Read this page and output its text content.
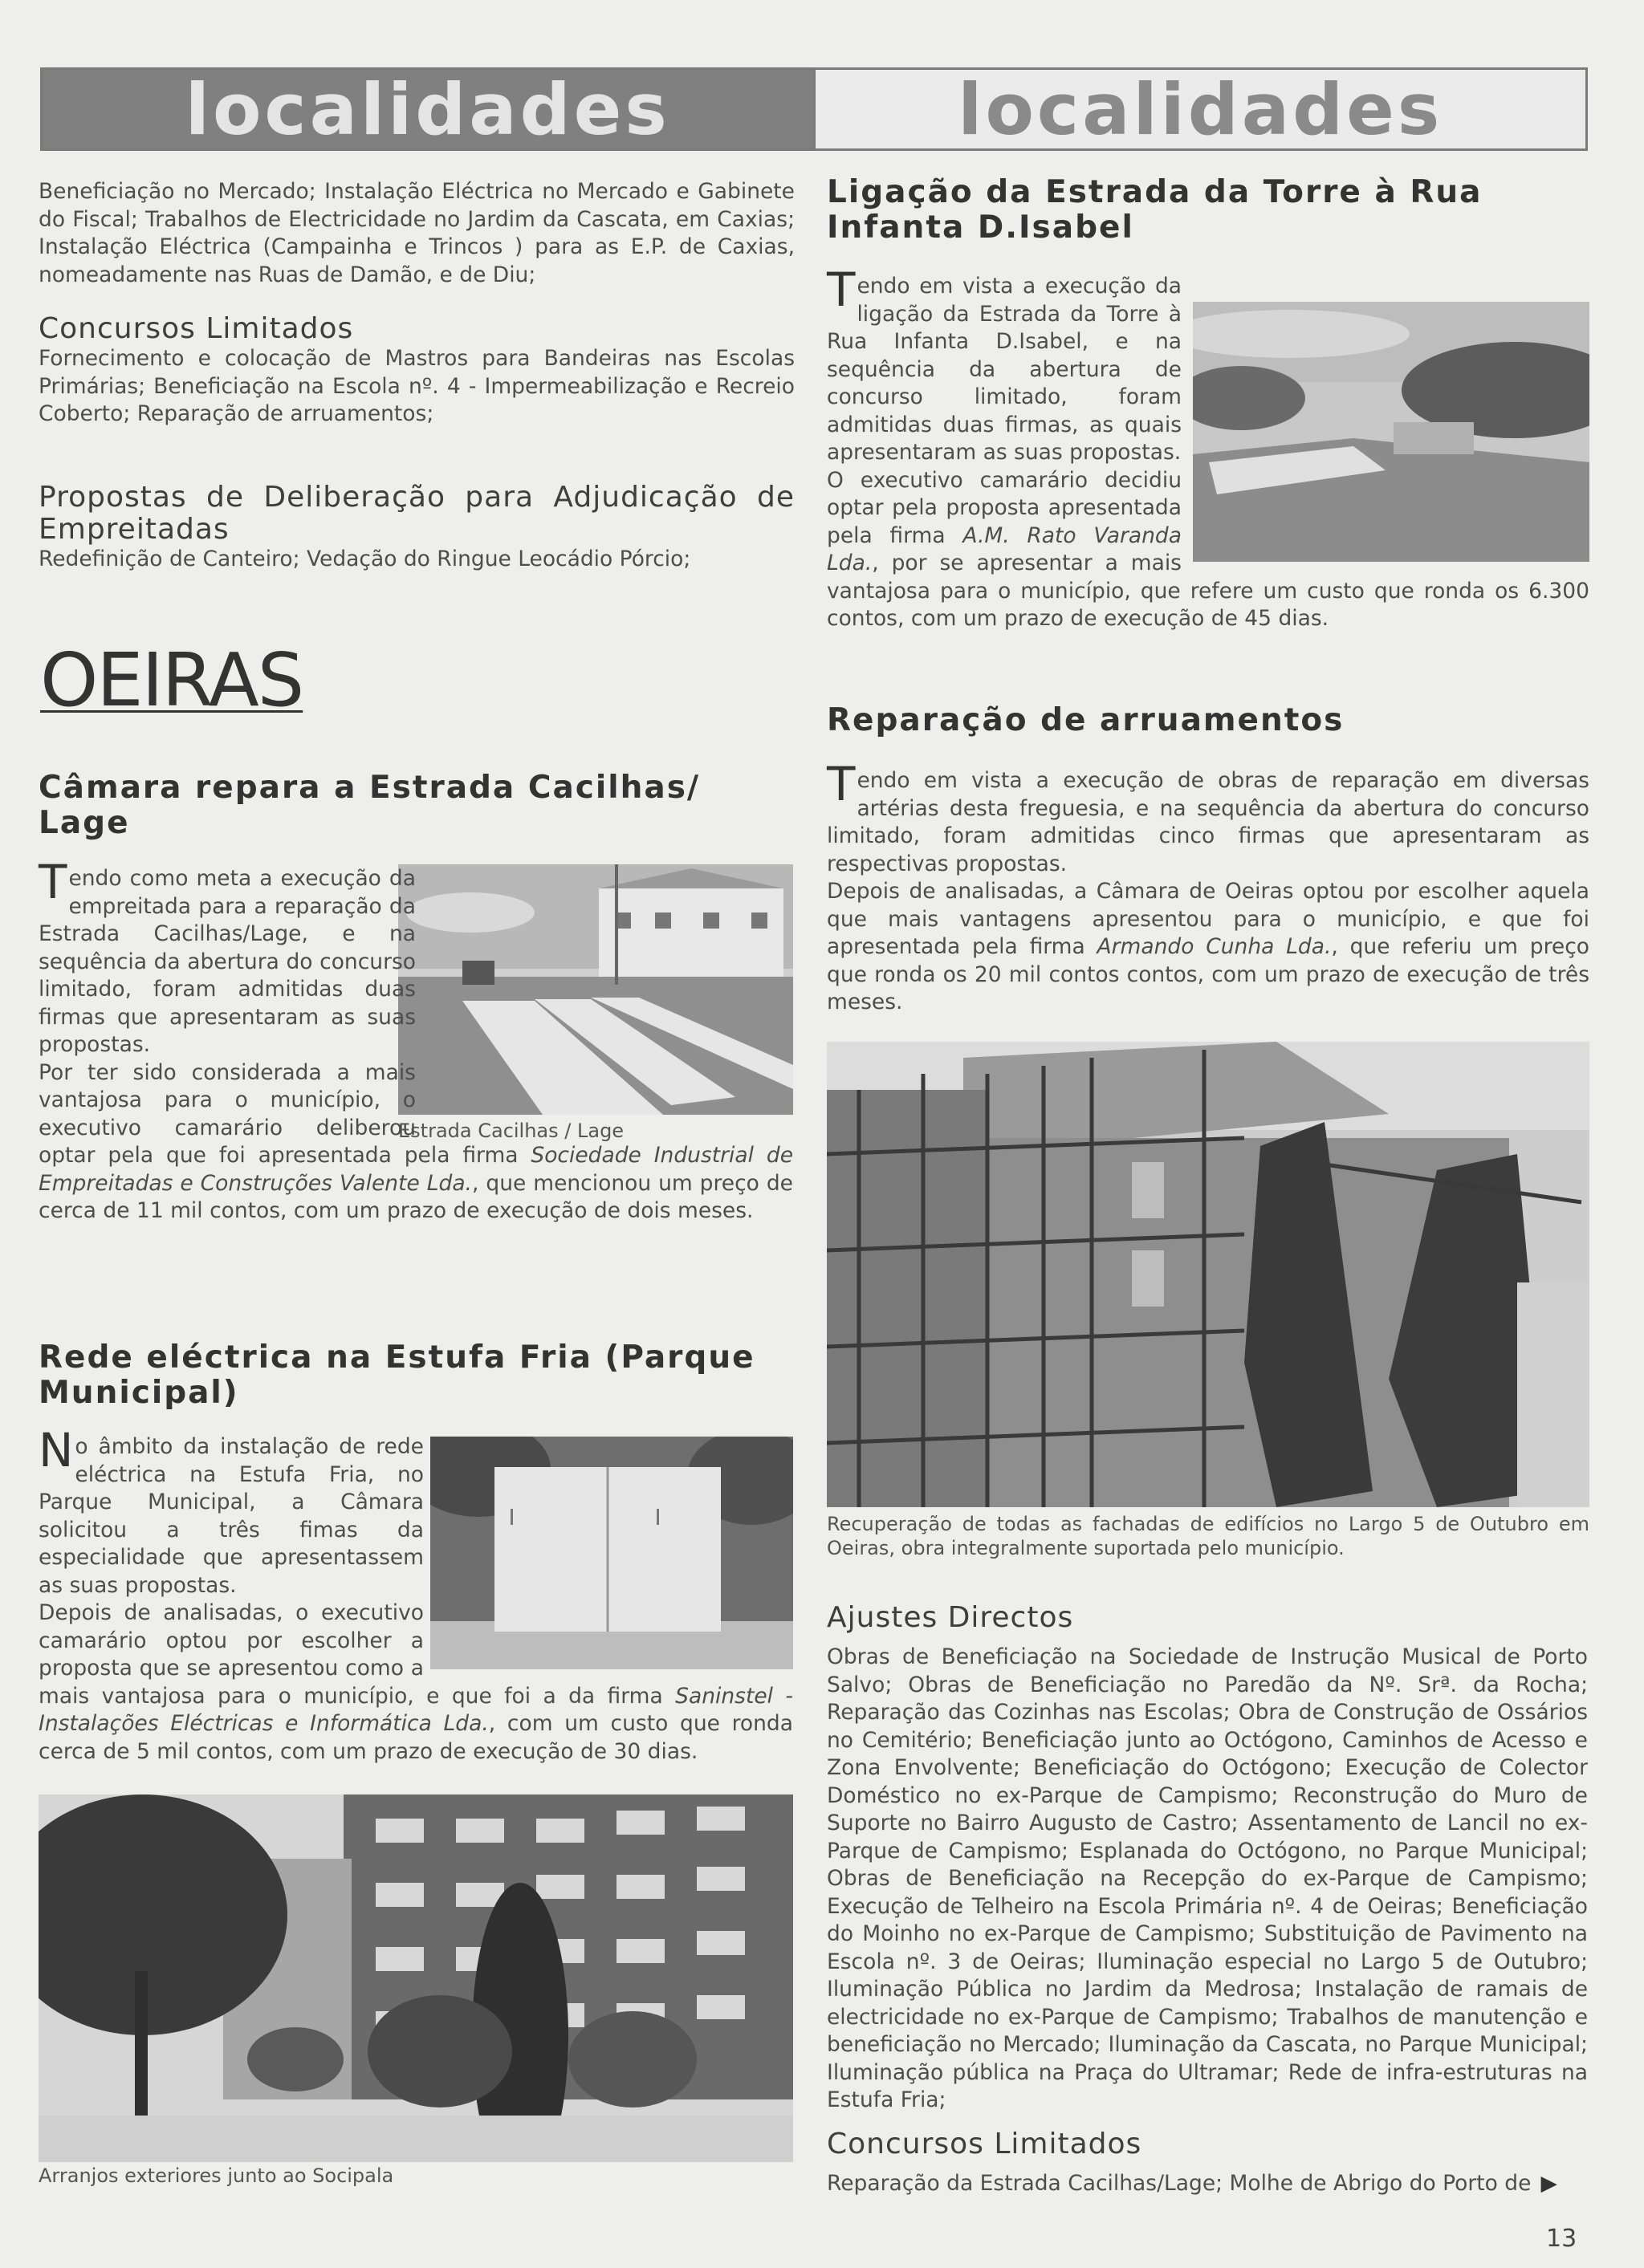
localidades	localidades

Beneficiação no Mercado; Instalação Eléctrica no Mercado e Gabinete do Fiscal; Trabalhos de Electricidade no Jardim da Cascata, em Caxias; Instalação Eléctrica (Campainha e Trincos ) para as E.P. de Caxias, nomeadamente nas Ruas de Damão, e de Diu;

Concursos Limitados

Fornecimento e colocação de Mastros para Bandeiras nas Escolas Primárias; Beneficiação na Escola nº. 4 - Impermeabilização e Recreio Coberto; Reparação de arruamentos;

Propostas de Deliberação para Adjudicação de Empreitadas

Redefinição de Canteiro; Vedação do Ringue Leocádio Pórcio;

OEIRAS
Câmara repara a Estrada Cacilhas/ Lage
Estrada Cacilhas / Lage
T endo como meta a execução da empreitada para a reparação da Estrada Cacilhas/Lage, e na sequência da abertura do concurso limitado, foram admitidas duas firmas que apresentaram as suas propostas.
Por ter sido considerada a mais vantajosa para o município, o executivo camarário deliberou optar pela que foi apresentada pela firma Sociedade Industrial de Empreitadas e Construções Valente Lda., que mencionou um preço de cerca de 11 mil contos, com um prazo de execução de dois meses.
Rede eléctrica na Estufa Fria (Parque Municipal)
N o âmbito da instalação de rede eléctrica na Estufa Fria, no Parque Municipal, a Câmara solicitou a três fimas da especialidade que apresentassem as suas propostas.
Depois de analisadas, o executivo camarário optou por escolher a proposta que se apresentou como a mais vantajosa para o município, e que foi a da firma Saninstel - Instalações Eléctricas e Informática Lda., com um custo que ronda cerca de 5 mil contos, com um prazo de execução de 30 dias.
Arranjos exteriores junto ao Socipala
Ligação da Estrada da Torre à Rua Infanta D.Isabel
T endo em vista a execução da ligação da Estrada da Torre à Rua Infanta D.Isabel, e na sequência da abertura de concurso limitado, foram admitidas duas firmas, as quais apresentaram as suas propostas.
O executivo camarário decidiu optar pela proposta apresentada pela firma A.M. Rato Varanda Lda., por se apresentar a mais vantajosa para o município, que refere um custo que ronda os 6.300 contos, com um prazo de execução de 45 dias.
Reparação de arruamentos
T endo em vista a execução de obras de reparação em diversas artérias desta freguesia, e na sequência da abertura do concurso limitado, foram admitidas cinco firmas que apresentaram as respectivas propostas.
Depois de analisadas, a Câmara de Oeiras optou por escolher aquela que mais vantagens apresentou para o município, e que foi apresentada pela firma Armando Cunha Lda., que referiu um preço que ronda os 20 mil contos contos, com um prazo de execução de três meses.
Recuperação de todas as fachadas de edifícios no Largo 5 de Outubro em Oeiras, obra integralmente suportada pelo município.
Ajustes Directos

Obras de Beneficiação na Sociedade de Instrução Musical de Porto Salvo; Obras de Beneficiação no Paredão da Nº. Srª. da Rocha; Reparação das Cozinhas nas Escolas; Obra de Construção de Ossários no Cemitério; Beneficiação junto ao Octógono, Caminhos de Acesso e Zona Envolvente; Beneficiação do Octógono; Execução de Colector Doméstico no ex-Parque de Campismo; Reconstrução do Muro de Suporte no Bairro Augusto de Castro; Assentamento de Lancil no ex-Parque de Campismo; Esplanada do Octógono, no Parque Municipal; Obras de Beneficiação na Recepção do ex-Parque de Campismo; Execução de Telheiro na Escola Primária nº. 4 de Oeiras; Beneficiação do Moinho no ex-Parque de Campismo; Substituição de Pavimento na Escola nº. 3 de Oeiras; Iluminação especial no Largo 5 de Outubro; Iluminação Pública no Jardim da Medrosa; Instalação de ramais de electricidade no ex-Parque de Campismo; Trabalhos de manutenção e beneficiação no Mercado; Iluminação da Cascata, no Parque Municipal; Iluminação pública na Praça do Ultramar; Rede de infra-estruturas na Estufa Fria;

Concursos Limitados
Reparação da Estrada Cacilhas/Lage; Molhe de Abrigo do Porto de ▶
13
